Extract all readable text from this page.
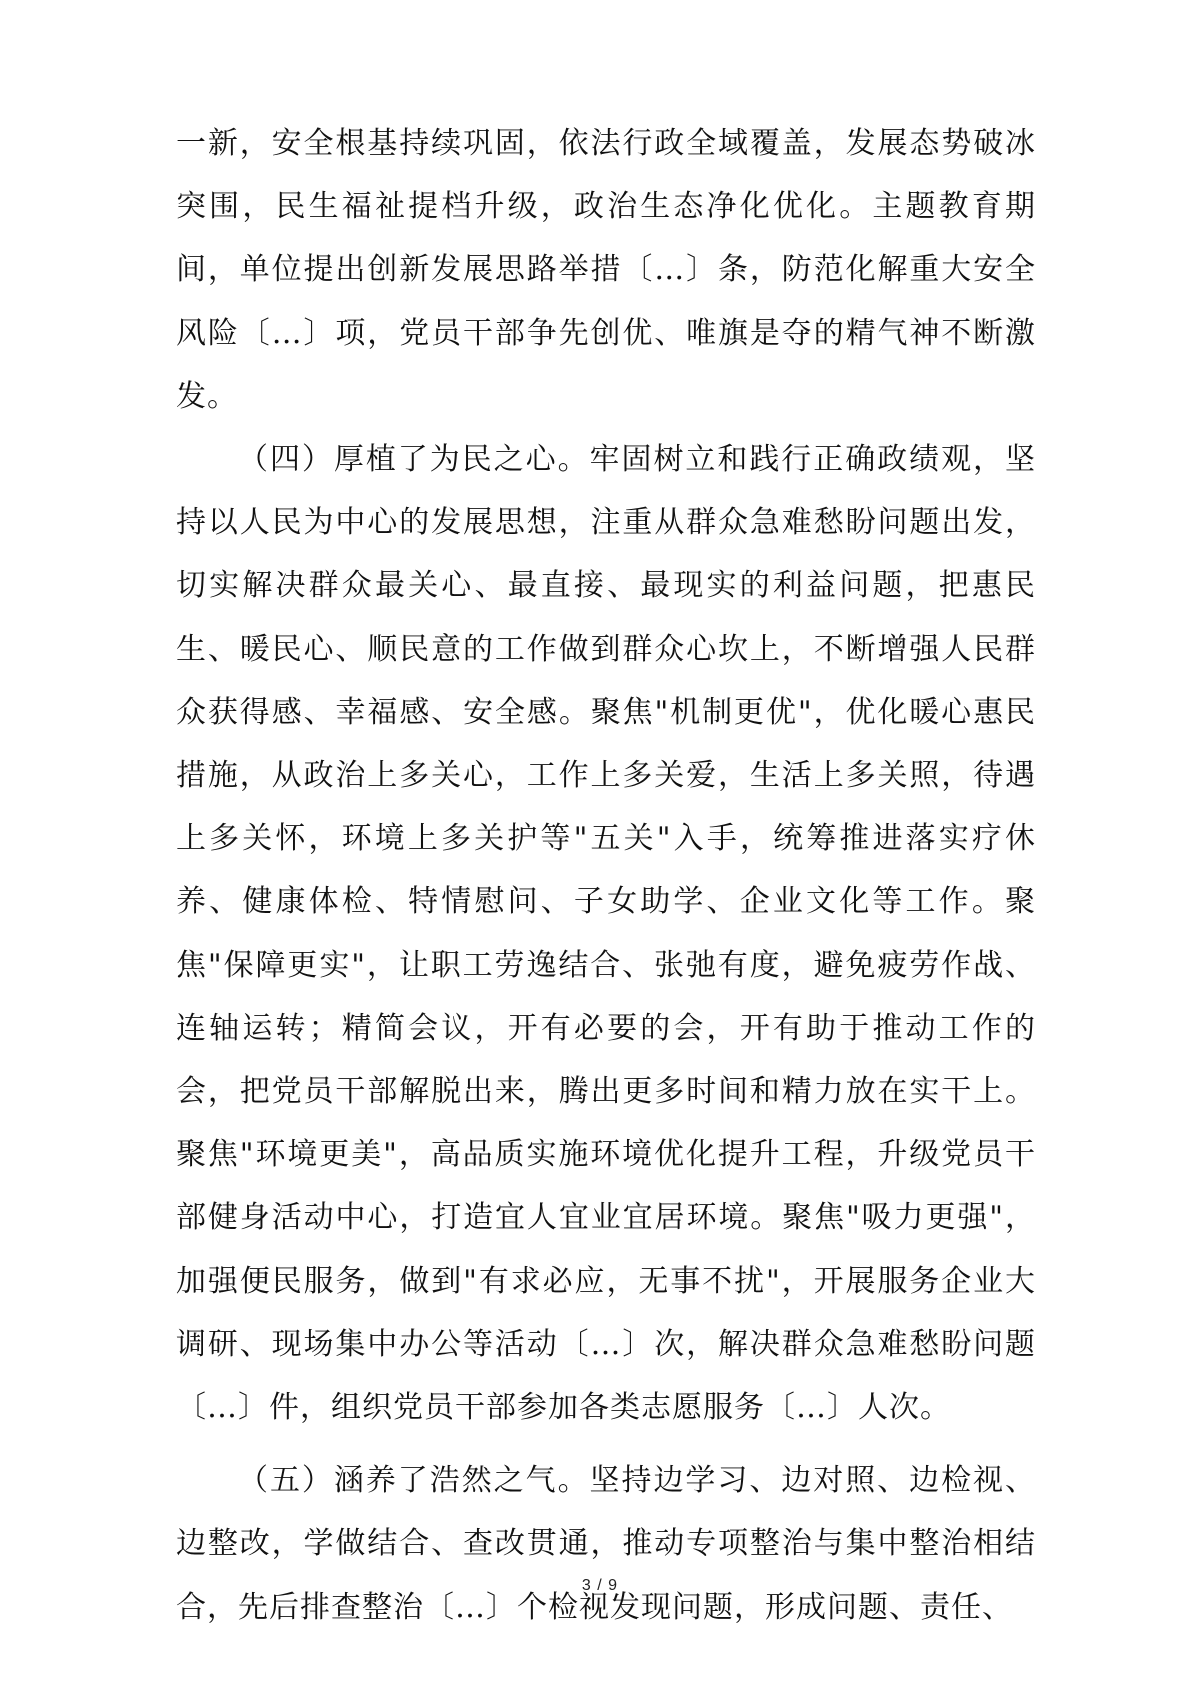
一新，安全根基持续巩固，依法行政全域覆盖，发展态势破冰突围，民生福祉提档升级，政治生态净化优化。主题教育期间，单位提出创新发展思路举措〔…〕条，防范化解重大安全风险〔…〕项，党员干部争先创优、唯旗是夺的精气神不断激发。

（四）厚植了为民之心。牢固树立和践行正确政绩观，坚持以人民为中心的发展思想，注重从群众急难愁盼问题出发，切实解决群众最关心、最直接、最现实的利益问题，把惠民生、暖民心、顺民意的工作做到群众心坎上，不断增强人民群众获得感、幸福感、安全感。聚焦"机制更优"，优化暖心惠民措施，从政治上多关心，工作上多关爱，生活上多关照，待遇上多关怀，环境上多关护等"五关"入手，统筹推进落实疗休养、健康体检、特情慰问、子女助学、企业文化等工作。聚焦"保障更实"，让职工劳逸结合、张弛有度，避免疲劳作战、连轴运转；精简会议，开有必要的会，开有助于推动工作的会，把党员干部解脱出来，腾出更多时间和精力放在实干上。聚焦"环境更美"，高品质实施环境优化提升工程，升级党员干部健身活动中心，打造宜人宜业宜居环境。聚焦"吸力更强"，加强便民服务，做到"有求必应，无事不扰"，开展服务企业大调研、现场集中办公等活动〔…〕次，解决群众急难愁盼问题〔…〕件，组织党员干部参加各类志愿服务〔…〕人次。

（五）涵养了浩然之气。坚持边学习、边对照、边检视、边整改，学做结合、查改贯通，推动专项整治与集中整治相结合，先后排查整治〔…〕个检视发现问题，形成问题、责任、

3 / 9
